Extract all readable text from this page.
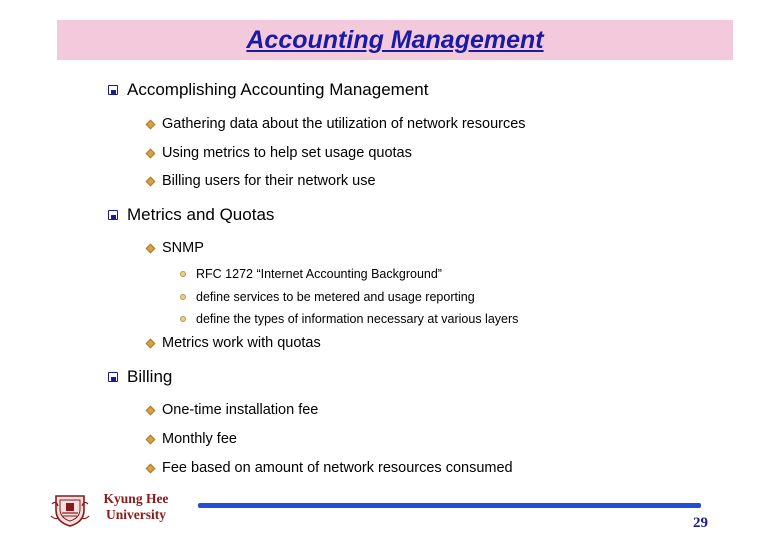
Accounting Management
Accomplishing Accounting Management
Gathering data about the utilization of network resources
Using metrics to help set usage quotas
Billing users for their network use
Metrics and Quotas
SNMP
RFC 1272 “Internet Accounting Background”
define services to be metered and usage reporting
define the types of information necessary at various layers
Metrics work with quotas
Billing
One-time installation fee
Monthly fee
Fee based on amount of network resources consumed
Kyung Hee
University
29
